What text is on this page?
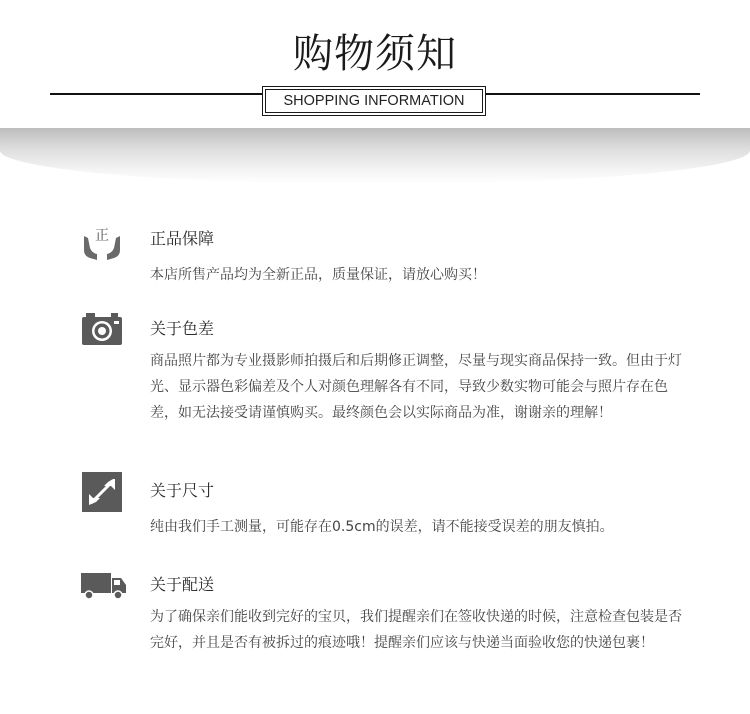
购物须知
SHOPPING INFORMATION
正	正品保障
本店所售产品均为全新正品，质量保证，请放心购买！
关于色差
商品照片都为专业摄影师拍摄后和后期修正调整，尽量与现实商品保持一致。但由于灯光、显示器色彩偏差及个人对颜色理解各有不同，导致少数实物可能会与照片存在色差，如无法接受请谨慎购买。最终颜色会以实际商品为准，谢谢亲的理解！
关于尺寸
纯由我们手工测量，可能存在0.5cm的误差，请不能接受误差的朋友慎拍。
关于配送
为了确保亲们能收到完好的宝贝，我们提醒亲们在签收快递的时候，注意检查包装是否完好，并且是否有被拆过的痕迹哦！提醒亲们应该与快递当面验收您的快递包裹！
